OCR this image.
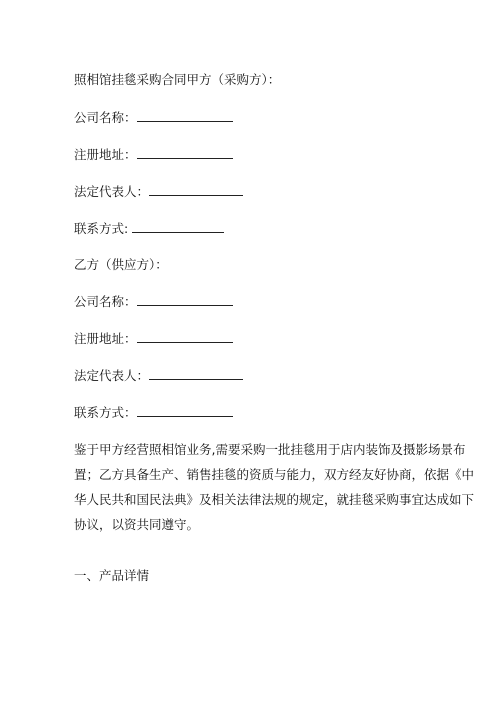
照相馆挂毯采购合同甲方（采购方）：
公司名称：
注册地址：
法定代表人：
联系方式:
乙方（供应方）：
公司名称：
注册地址：
法定代表人：
联系方式：
鉴于甲方经营照相馆业务,需要采购一批挂毯用于店内装饰及摄影场景布
置；乙方具备生产、销售挂毯的资质与能力，双方经友好协商，依据《中
华人民共和国民法典》及相关法律法规的规定，就挂毯采购事宜达成如下
协议，以资共同遵守。
一、产品详情
